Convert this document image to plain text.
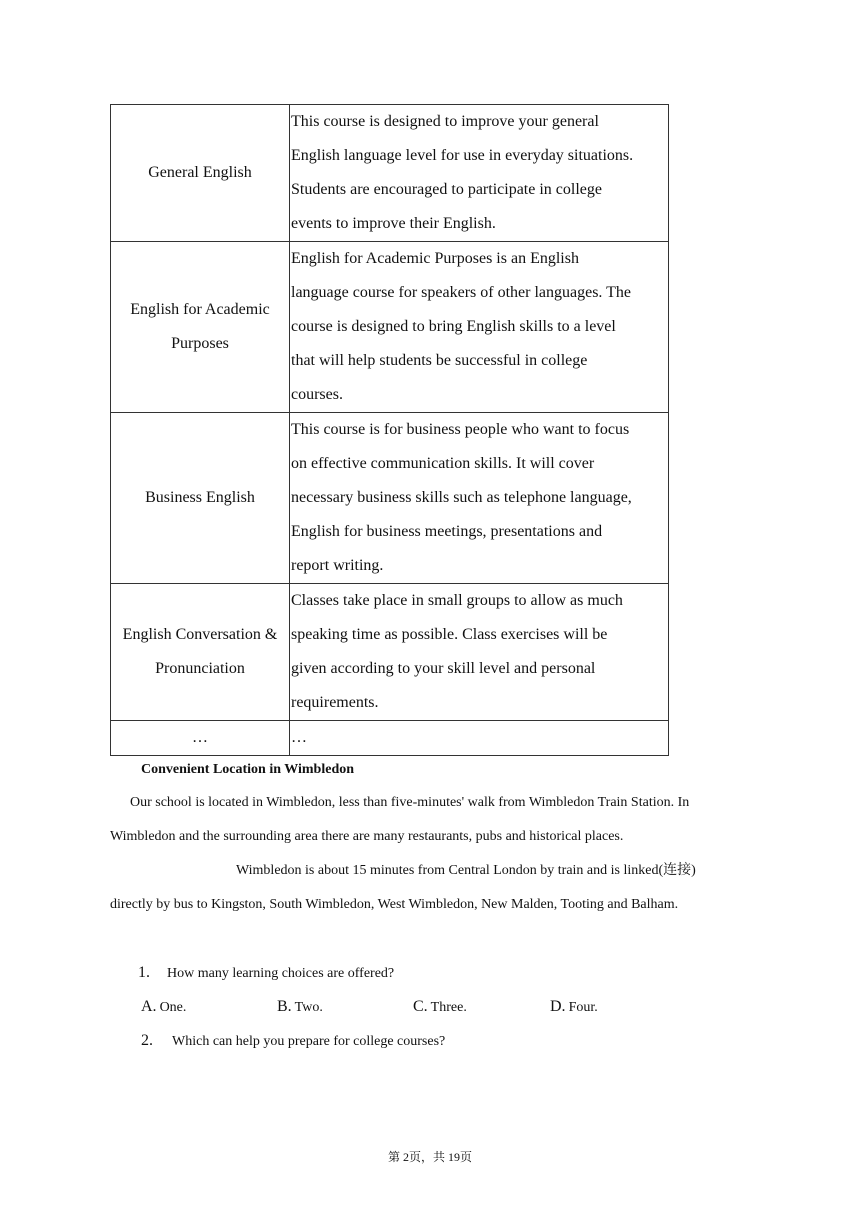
General English	This course is designed to improve your general
English language level for use in everyday situations.
Students are encouraged to participate in college
events to improve their English.

English for Academic
Purposes	English for Academic Purposes is an English
language course for speakers of other languages. The
course is designed to bring English skills to a level
that will help students be successful in college
courses.

Business English	This course is for business people who want to focus
on effective communication skills. It will cover
necessary business skills such as telephone language,
English for business meetings, presentations and
report writing.

English Conversation &
Pronunciation	Classes take place in small groups to allow as much
speaking time as possible. Class exercises will be
given according to your skill level and personal
requirements.

…	…
Convenient Location in Wimbledon
Our school is located in Wimbledon, less than five-minutes' walk from Wimbledon Train Station. In
Wimbledon and the surrounding area there are many restaurants, pubs and historical places.
Wimbledon is about 15 minutes from Central London by train and is linked(连接)
directly by bus to Kingston, South Wimbledon, West Wimbledon, New Malden, Tooting and Balham.
1. How many learning choices are offered?
A. One.	B. Two.	C. Three.	D. Four.
2. Which can help you prepare for college courses?
第 2页，共 19页
